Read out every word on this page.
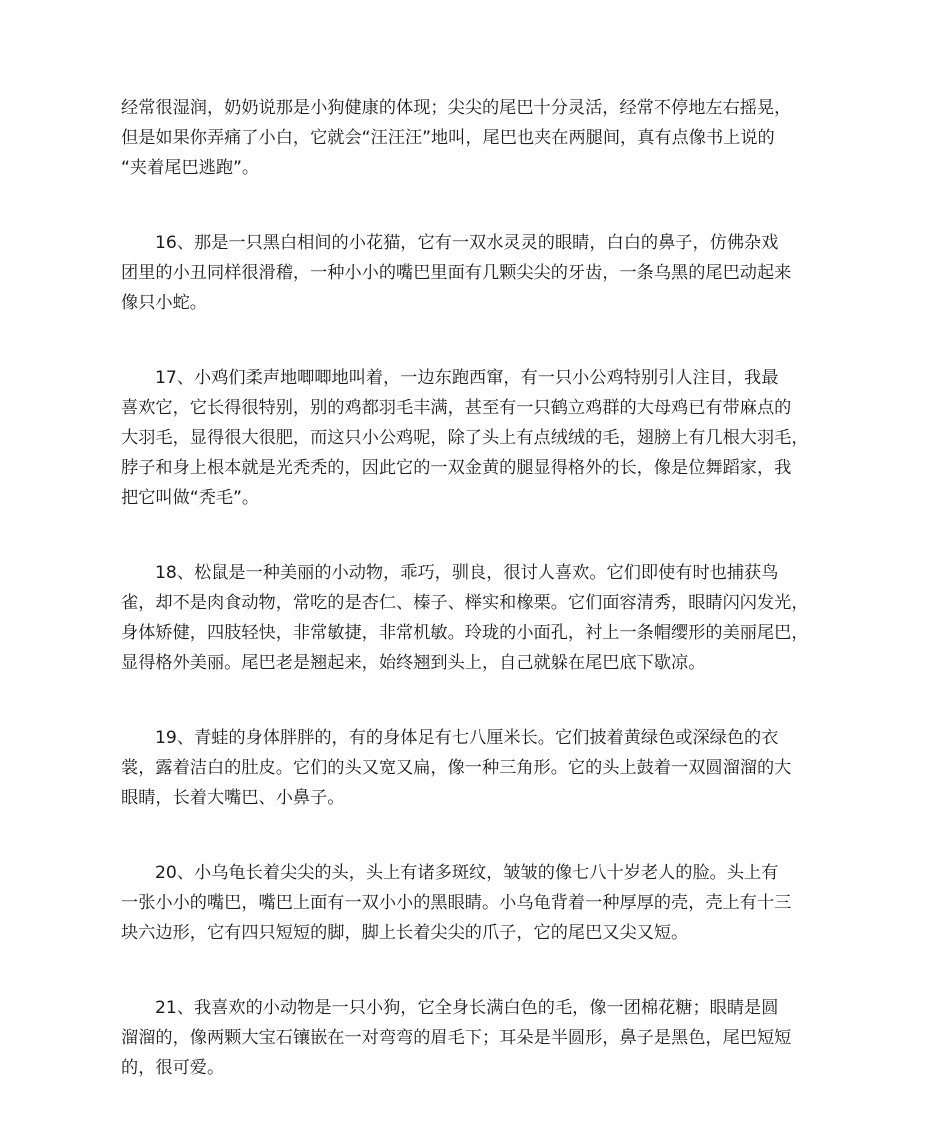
经常很湿润，奶奶说那是小狗健康的体现；尖尖的尾巴十分灵活，经常不停地左右摇晃，
但是如果你弄痛了小白，它就会“汪汪汪”地叫，尾巴也夹在两腿间，真有点像书上说的
“夹着尾巴逃跑”。

16、那是一只黑白相间的小花猫，它有一双水灵灵的眼睛，白白的鼻子，仿佛杂戏
团里的小丑同样很滑稽，一种小小的嘴巴里面有几颗尖尖的牙齿，一条乌黑的尾巴动起来
像只小蛇。

17、小鸡们柔声地唧唧地叫着，一边东跑西窜，有一只小公鸡特别引人注目，我最
喜欢它，它长得很特别，别的鸡都羽毛丰满，甚至有一只鹤立鸡群的大母鸡已有带麻点的
大羽毛，显得很大很肥，而这只小公鸡呢，除了头上有点绒绒的毛，翅膀上有几根大羽毛，
脖子和身上根本就是光秃秃的，因此它的一双金黄的腿显得格外的长，像是位舞蹈家，我
把它叫做“秃毛”。

18、松鼠是一种美丽的小动物，乖巧，驯良，很讨人喜欢。它们即使有时也捕获鸟
雀，却不是肉食动物，常吃的是杏仁、榛子、榉实和橡栗。它们面容清秀，眼睛闪闪发光，
身体矫健，四肢轻快，非常敏捷，非常机敏。玲珑的小面孔，衬上一条帽缨形的美丽尾巴，
显得格外美丽。尾巴老是翘起来，始终翘到头上，自己就躲在尾巴底下歇凉。

19、青蛙的身体胖胖的，有的身体足有七八厘米长。它们披着黄绿色或深绿色的衣
裳，露着洁白的肚皮。它们的头又宽又扁，像一种三角形。它的头上鼓着一双圆溜溜的大
眼睛，长着大嘴巴、小鼻子。

20、小乌龟长着尖尖的头，头上有诸多斑纹，皱皱的像七八十岁老人的脸。头上有
一张小小的嘴巴，嘴巴上面有一双小小的黑眼睛。小乌龟背着一种厚厚的壳，壳上有十三
块六边形，它有四只短短的脚，脚上长着尖尖的爪子，它的尾巴又尖又短。

21、我喜欢的小动物是一只小狗，它全身长满白色的毛，像一团棉花糖；眼睛是圆
溜溜的，像两颗大宝石镶嵌在一对弯弯的眉毛下；耳朵是半圆形，鼻子是黑色，尾巴短短
的，很可爱。
